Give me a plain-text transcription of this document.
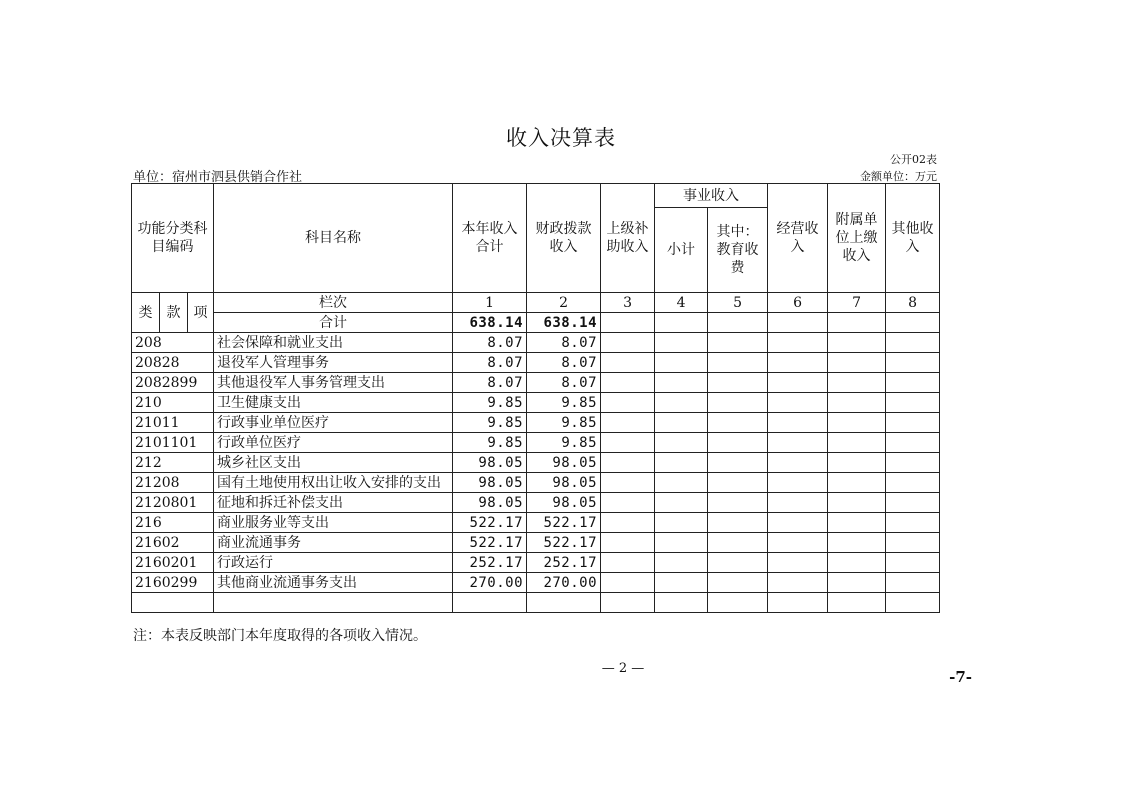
收入决算表
公开02表
单位：宿州市泗县供销合作社	金额单位：万元
功能分类科目编码			科目名称	本年收入合计	财政拨款收入	上级补助收入	事业收入		经营收入	附属单位上缴收入	其他收入
							小计	其中：教育收费			
类	款	项	栏次	1	2	3	4	5	6	7	8
			合计	638.14	638.14						
208			社会保障和就业支出	8.07	8.07						
20828			退役军人管理事务	8.07	8.07						
2082899			其他退役军人事务管理支出	8.07	8.07						
210			卫生健康支出	9.85	9.85						
21011			行政事业单位医疗	9.85	9.85						
2101101			行政单位医疗	9.85	9.85						
212			城乡社区支出	98.05	98.05						
21208			国有土地使用权出让收入安排的支出	98.05	98.05						
2120801			征地和拆迁补偿支出	98.05	98.05						
216			商业服务业等支出	522.17	522.17						
21602			商业流通事务	522.17	522.17						
2160201			行政运行	252.17	252.17						
2160299			其他商业流通事务支出	270.00	270.00						

注：本表反映部门本年度取得的各项收入情况。
— 2 —	-7-
